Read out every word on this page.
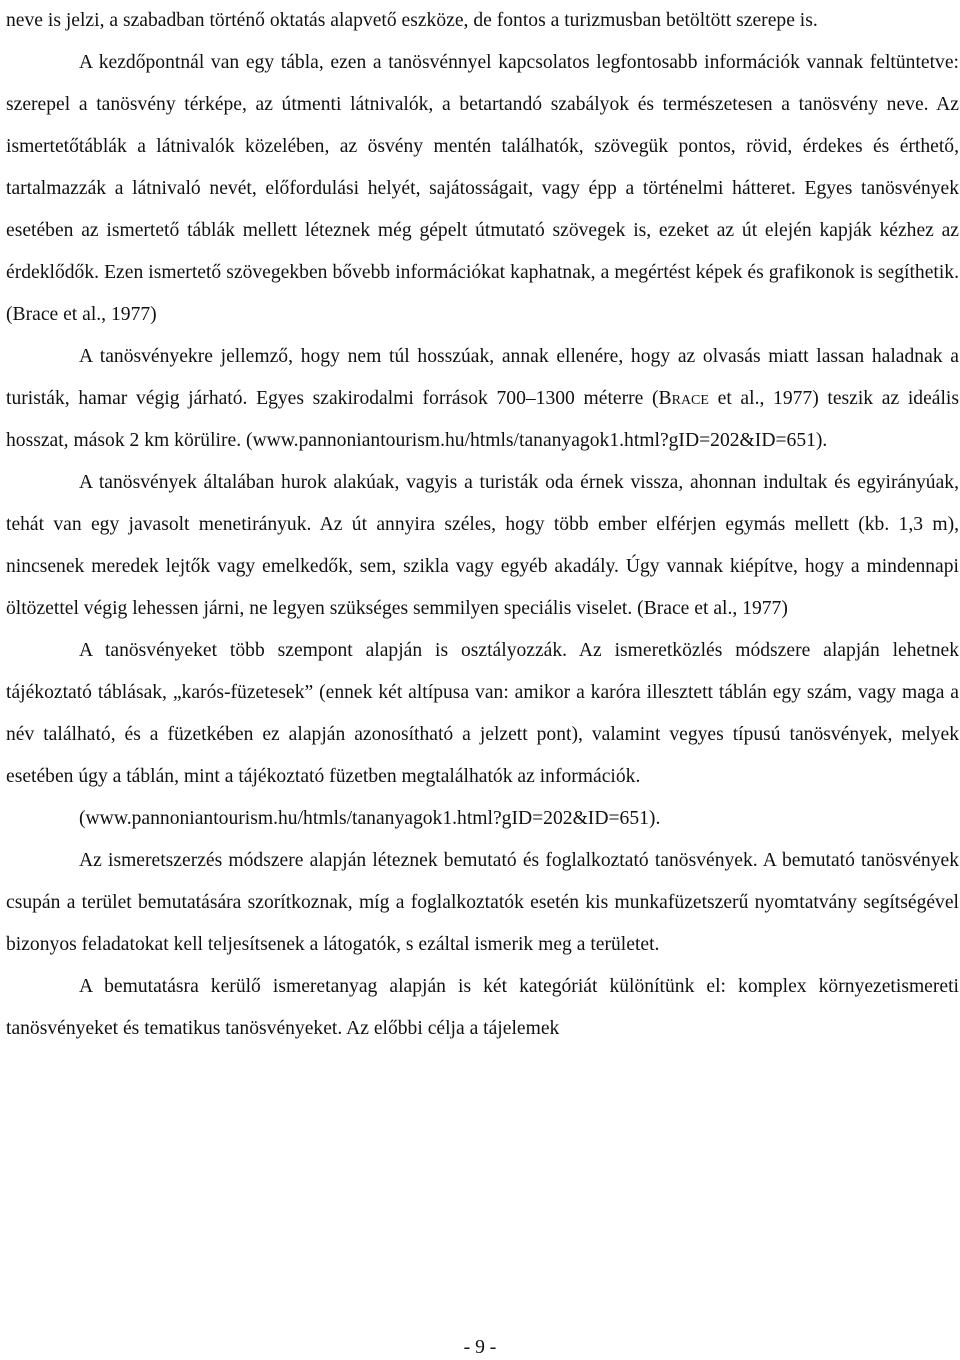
neve is jelzi, a szabadban történő oktatás alapvető eszköze, de fontos a turizmusban betöltött szerepe is.

A kezdőpontnál van egy tábla, ezen a tanösvénnyel kapcsolatos legfontosabb információk vannak feltüntetve: szerepel a tanösvény térképe, az útmenti látnivalók, a betartandó szabályok és természetesen a tanösvény neve. Az ismertetőtáblák a látnivalók közelében, az ösvény mentén találhatók, szövegük pontos, rövid, érdekes és érthető, tartalmazzák a látnivaló nevét, előfordulási helyét, sajátosságait, vagy épp a történelmi hátteret. Egyes tanösvények esetében az ismertető táblák mellett léteznek még gépelt útmutató szövegek is, ezeket az út elején kapják kézhez az érdeklődők. Ezen ismertető szövegekben bővebb információkat kaphatnak, a megértést képek és grafikonok is segíthetik. (Brace et al., 1977)

A tanösvényekre jellemző, hogy nem túl hosszúak, annak ellenére, hogy az olvasás miatt lassan haladnak a turisták, hamar végig járható. Egyes szakirodalmi források 700–1300 méterre (Brace et al., 1977) teszik az ideális hosszat, mások 2 km körülire. (www.pannoniantourism.hu/htmls/tananyagok1.html?gID=202&ID=651).

A tanösvények általában hurok alakúak, vagyis a turisták oda érnek vissza, ahonnan indultak és egyirányúak, tehát van egy javasolt menetirányuk. Az út annyira széles, hogy több ember elférjen egymás mellett (kb. 1,3 m), nincsenek meredek lejtők vagy emelkedők, sem, szikla vagy egyéb akadály. Úgy vannak kiépítve, hogy a mindennapi öltözettel végig lehessen járni, ne legyen szükséges semmilyen speciális viselet. (Brace et al., 1977)

A tanösvényeket több szempont alapján is osztályozzák. Az ismeretközlés módszere alapján lehetnek tájékoztató táblásak, „karós-füzetesek” (ennek két altípusa van: amikor a karóra illesztett táblán egy szám, vagy maga a név található, és a füzetkében ez alapján azonosítható a jelzett pont), valamint vegyes típusú tanösvények, melyek esetében úgy a táblán, mint a tájékoztató füzetben megtalálhatók az információk.

(www.pannoniantourism.hu/htmls/tananyagok1.html?gID=202&ID=651).

Az ismeretszerzés módszere alapján léteznek bemutató és foglalkoztató tanösvények. A bemutató tanösvények csupán a terület bemutatására szorítkoznak, míg a foglalkoztatók esetén kis munkafüzetszerű nyomtatvány segítségével bizonyos feladatokat kell teljesítsenek a látogatók, s ezáltal ismerik meg a területet.

A bemutatásra kerülő ismeretanyag alapján is két kategóriát különítünk el: komplex környezetismereti tanösvényeket és tematikus tanösvényeket. Az előbbi célja a tájelemek

- 9 -
